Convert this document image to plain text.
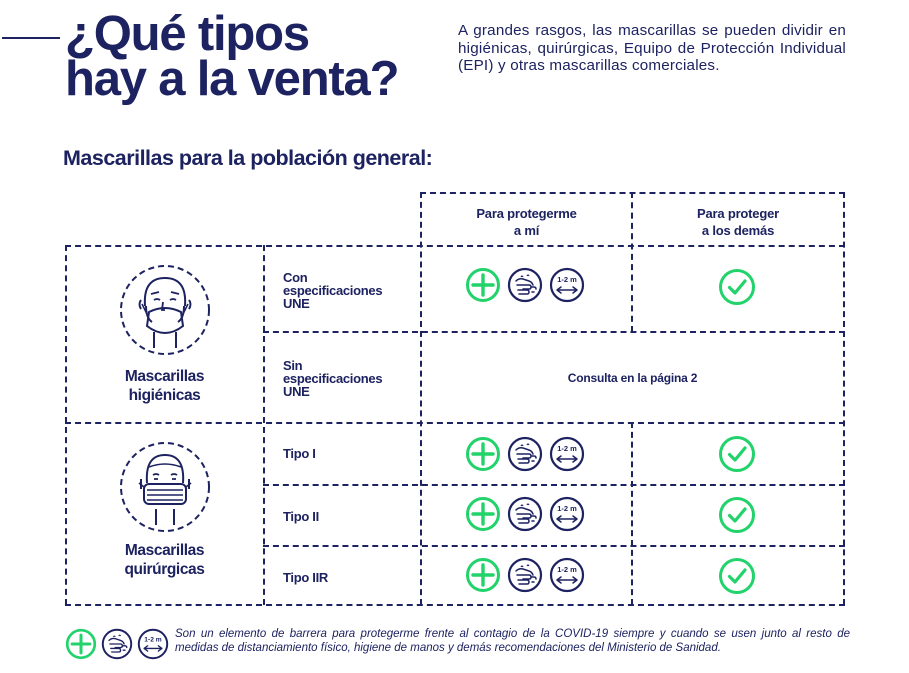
¿Qué tipos
hay a la venta?
A grandes rasgos, las mascarillas se pueden dividir en higiénicas, quirúrgicas, Equipo de Protección Individual (EPI) y otras mascarillas comerciales.
Mascarillas para la población general:
Para protegerme
a mí
Para proteger
a los demás
Mascarillas
higiénicas
Con
especificaciones
UNE
1-2 m
Sin
especificaciones
UNE
Consulta en la página 2
Mascarillas
quirúrgicas
Tipo I	1-2 m
Tipo II
1-2 m
Tipo IIR
1-2 m
1-2 m Son un elemento de barrera para protegerme frente al contagio de la COVID-19 siempre y cuando se usen junto al resto de medidas de distanciamiento físico, higiene de manos y demás recomendaciones del Ministerio de Sanidad.
